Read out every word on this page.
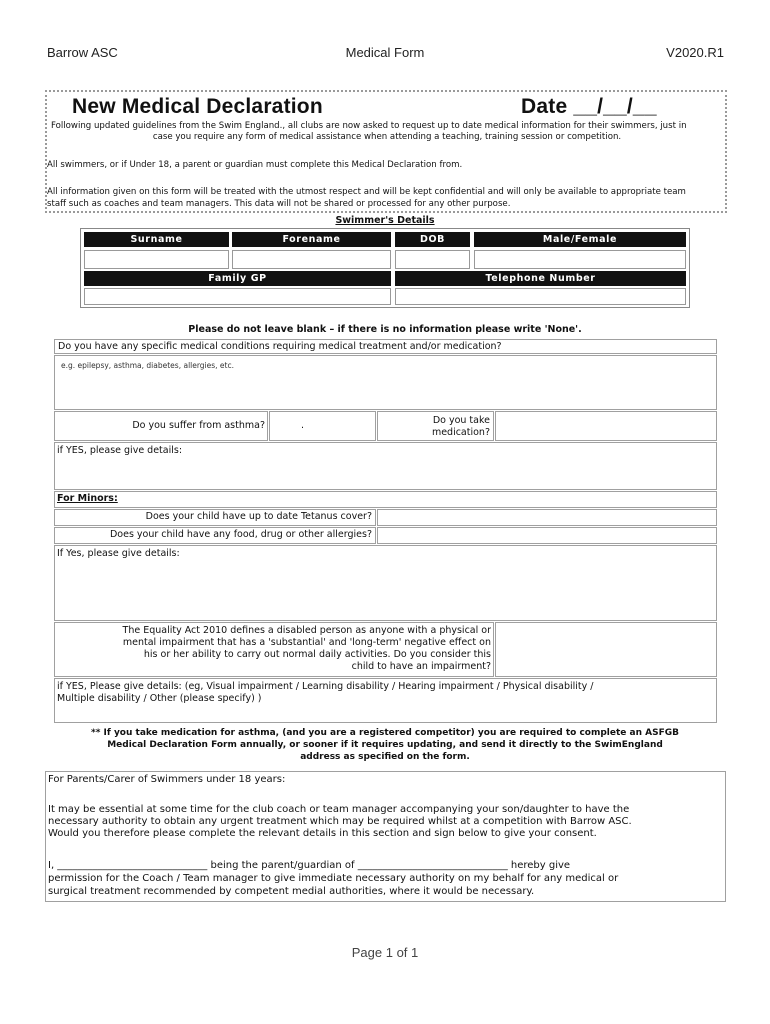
Barrow ASC	Medical Form	V2020.R1
New Medical Declaration	Date __/__/__
Following updated guidelines from the Swim England., all clubs are now asked to request up to date medical information for their swimmers, just in
case you require any form of medical assistance when attending a teaching, training session or competition.
All swimmers, or if Under 18, a parent or guardian must complete this Medical Declaration from.
All information given on this form will be treated with the utmost respect and will be kept confidential and will only be available to appropriate team
staff such as coaches and team managers. This data will not be shared or processed for any other purpose.
Swimmer's Details
Surname	Forename	DOB	Male/Female
Family GP	Telephone Number
Please do not leave blank – if there is no information please write 'None'.
Do you have any specific medical conditions requiring medical treatment and/or medication?
e.g. epilepsy, asthma, diabetes, allergies, etc.
Do you suffer from asthma?	.	Do you take
medication?
if YES, please give details:
For Minors:
Does your child have up to date Tetanus cover?
Does your child have any food, drug or other allergies?
If Yes, please give details:
The Equality Act 2010 defines a disabled person as anyone with a physical or
mental impairment that has a 'substantial' and 'long-term' negative effect on
his or her ability to carry out normal daily activities. Do you consider this
child to have an impairment?
if YES, Please give details: (eg, Visual impairment / Learning disability / Hearing impairment / Physical disability /
Multiple disability / Other (please specify) )
** If you take medication for asthma, (and you are a registered competitor) you are required to complete an ASFGB
Medical Declaration Form annually, or sooner if it requires updating, and send it directly to the SwimEngland
address as specified on the form.
For Parents/Carer of Swimmers under 18 years:
It may be essential at some time for the club coach or team manager accompanying your son/daughter to have the
necessary authority to obtain any urgent treatment which may be required whilst at a competition with Barrow ASC.
Would you therefore please complete the relevant details in this section and sign below to give your consent.
I, ______________________________ being the parent/guardian of ______________________________ hereby give
permission for the Coach / Team manager to give immediate necessary authority on my behalf for any medical or
surgical treatment recommended by competent medial authorities, where it would be necessary.
Page 1 of 1
